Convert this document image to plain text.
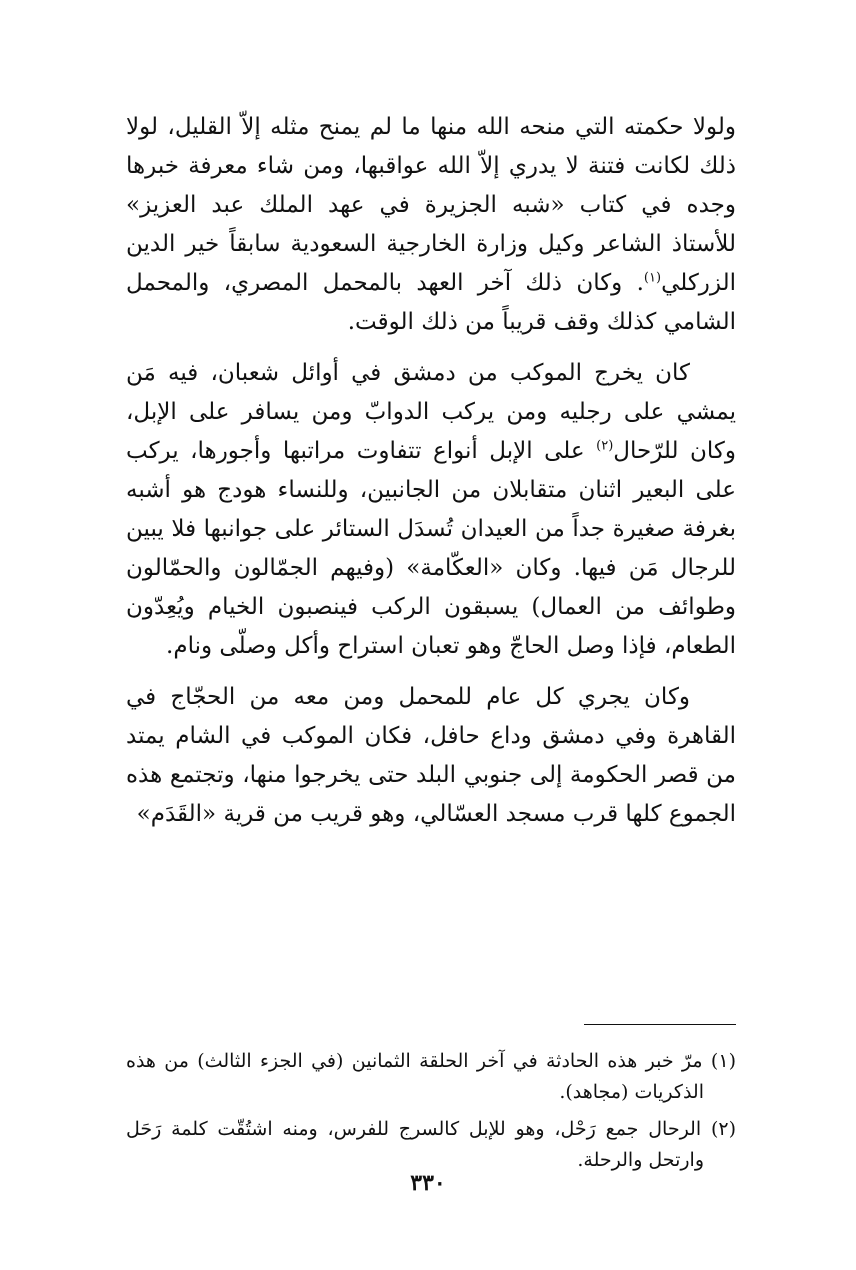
ولولا حكمته التي منحه الله منها ما لم يمنح مثله إلاّ القليل، لولا ذلك لكانت فتنة لا يدري إلاّ الله عواقبها، ومن شاء معرفة خبرها وجده في كتاب «شبه الجزيرة في عهد الملك عبد العزيز» للأستاذ الشاعر وكيل وزارة الخارجية السعودية سابقاً خير الدين الزركلي$^{(١)}$. وكان ذلك آخر العهد بالمحمل المصري، والمحمل الشامي كذلك وقف قريباً من ذلك الوقت.

كان يخرج الموكب من دمشق في أوائل شعبان، فيه مَن يمشي على رجليه ومن يركب الدوابّ ومن يسافر على الإبل، وكان للرّحال$^{(٢)}$ على الإبل أنواع تتفاوت مراتبها وأجورها، يركب على البعير اثنان متقابلان من الجانبين، وللنساء هودج هو أشبه بغرفة صغيرة جداً من العيدان تُسدَل الستائر على جوانبها فلا يبين للرجال مَن فيها. وكان «العكّامة» (وفيهم الجمّالون والحمّالون وطوائف من العمال) يسبقون الركب فينصبون الخيام ويُعِدّون الطعام، فإذا وصل الحاجّ وهو تعبان استراح وأكل وصلّى ونام.

وكان يجري كل عام للمحمل ومن معه من الحجّاج في القاهرة وفي دمشق وداع حافل، فكان الموكب في الشام يمتد من قصر الحكومة إلى جنوبي البلد حتى يخرجوا منها، وتجتمع هذه الجموع كلها قرب مسجد العسّالي، وهو قريب من قرية «القَدَم»

(١) مرّ خبر هذه الحادثة في آخر الحلقة الثمانين (في الجزء الثالث) من هذه الذكريات (مجاهد).

(٢) الرحال جمع رَحْل، وهو للإبل كالسرج للفرس، ومنه اشتُقّت كلمة رَحَل وارتحل والرحلة.

٣٣٠
